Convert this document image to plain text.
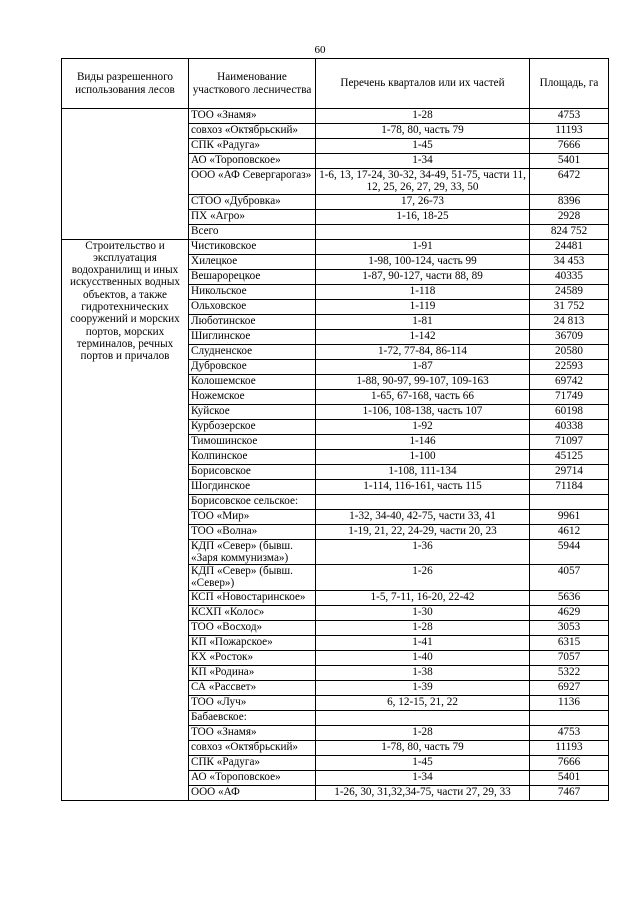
60
Виды разрешенного использования лесов	Наименование участкового лесничества	Перечень кварталов или их частей	Площадь, га
	ТОО «Знамя»	1-28	4753
	совхоз «Октябрьский»	1-78, 80, часть 79	11193
	СПК «Радуга»	1-45	7666
	АО «Тороповское»	1-34	5401
	ООО «АФ Севергарогаз»	1-6, 13, 17-24, 30-32, 34-49, 51-75, части 11, 12, 25, 26, 27, 29, 33, 50	6472
	СТОО «Дубровка»	17, 26-73	8396
	ПХ «Агро»	1-16, 18-25	2928
	Всего		824 752
Строительство и эксплуатация водохранилищ и иных искусственных водных объектов, а также гидротехнических сооружений и морских портов, морских терминалов, речных портов и причалов	Чистиковское	1-91	24481
	Хилецкое	1-98, 100-124, часть 99	34 453
	Вешарорецкое	1-87, 90-127, части 88, 89	40335
	Никольское	1-118	24589
	Ольховское	1-119	31 752
	Люботинское	1-81	24 813
	Шиглинское	1-142	36709
	Слудненское	1-72, 77-84, 86-114	20580
	Дубровское	1-87	22593
	Колошемское	1-88, 90-97, 99-107, 109-163	69742
	Ножемское	1-65, 67-168, часть 66	71749
	Куйское	1-106, 108-138, часть 107	60198
	Курбозерское	1-92	40338
	Тимошинское	1-146	71097
	Колпинское	1-100	45125
	Борисовское	1-108, 111-134	29714
	Шогдинское	1-114, 116-161, часть 115	71184
	Борисовское сельское:		
	ТОО «Мир»	1-32, 34-40, 42-75, части 33, 41	9961
	ТОО «Волна»	1-19, 21, 22, 24-29, части 20, 23	4612
	КДП «Север» (бывш. «Заря коммунизма»)	1-36	5944
	КДП «Север» (бывш. «Север»)	1-26	4057
	КСП «Новостаринское»	1-5, 7-11, 16-20, 22-42	5636
	КСХП «Колос»	1-30	4629
	ТОО «Восход»	1-28	3053
	КП «Пожарское»	1-41	6315
	КХ «Росток»	1-40	7057
	КП «Родина»	1-38	5322
	СА «Рассвет»	1-39	6927
	ТОО «Луч»	6, 12-15, 21, 22	1136
	Бабаевское:		
	ТОО «Знамя»	1-28	4753
	совхоз «Октябрьский»	1-78, 80, часть 79	11193
	СПК «Радуга»	1-45	7666
	АО «Тороповское»	1-34	5401
	ООО «АФ	1-26, 30, 31,32,34-75, части 27, 29, 33	7467
